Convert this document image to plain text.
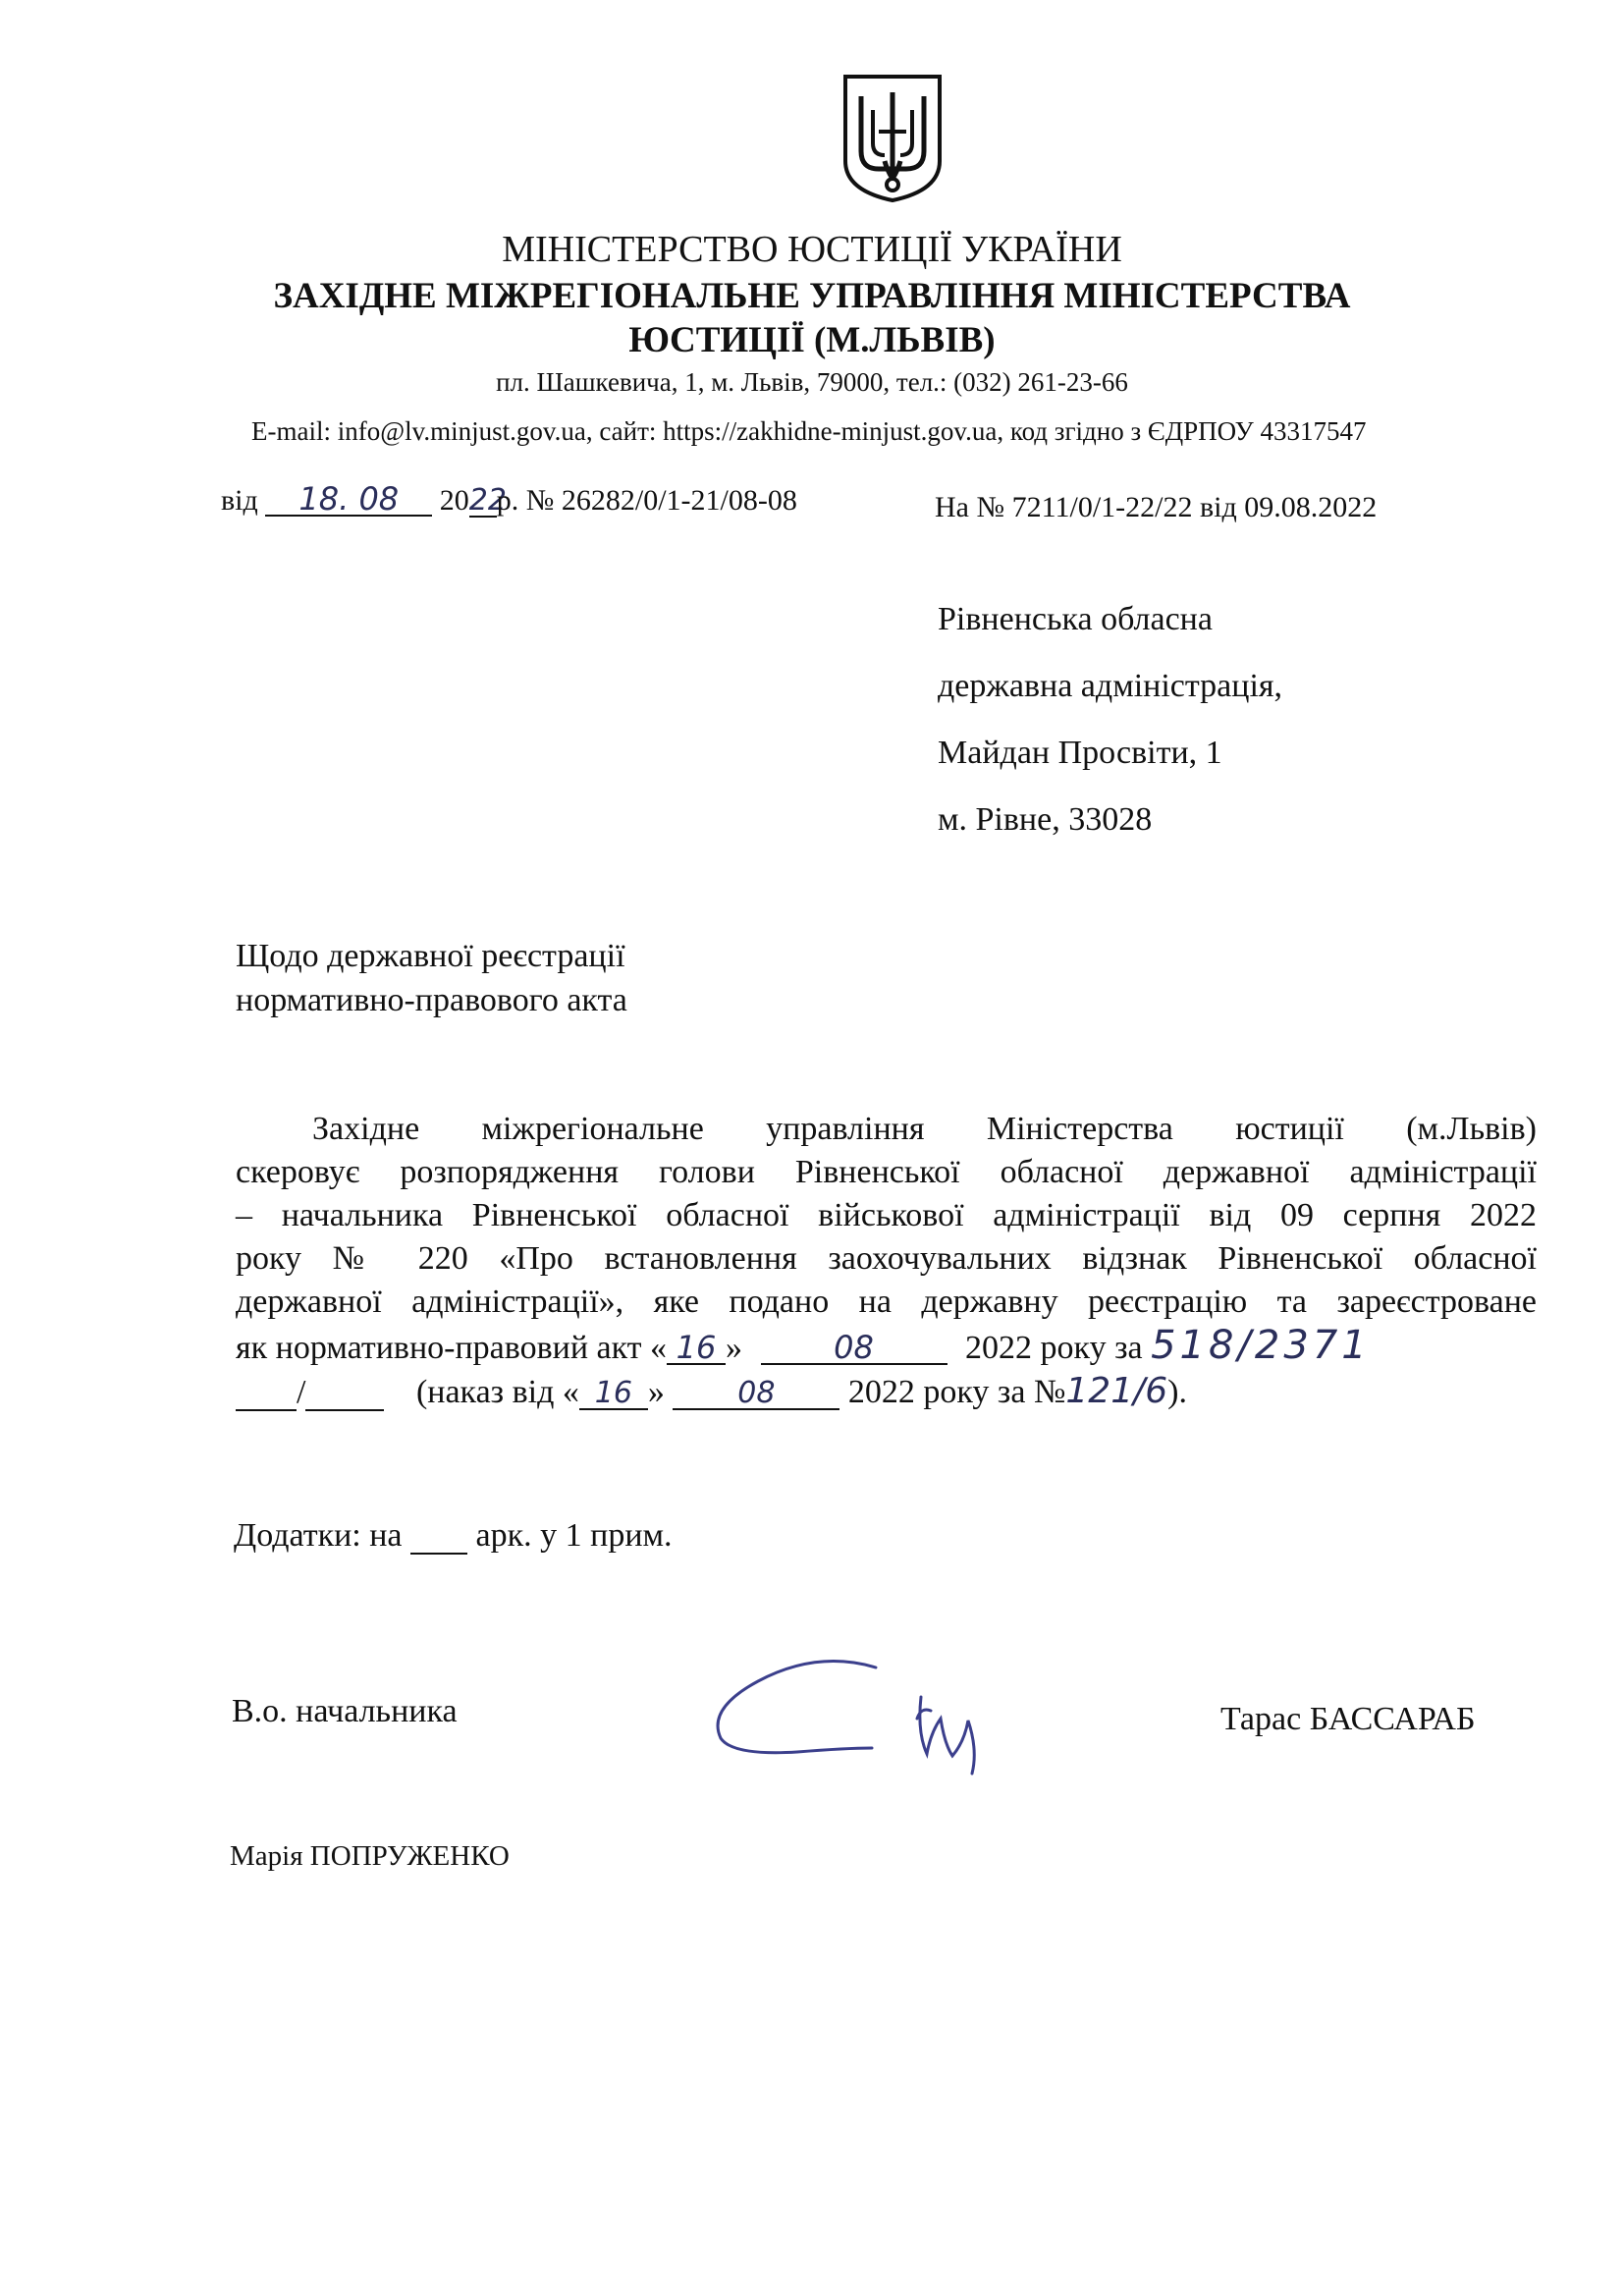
МІНІСТЕРСТВО ЮСТИЦІЇ УКРАЇНИ
ЗАХІДНЕ МІЖРЕГІОНАЛЬНЕ УПРАВЛІННЯ МІНІСТЕРСТВА
ЮСТИЦІЇ (М.ЛЬВІВ)
пл. Шашкевича, 1, м. Львів, 79000, тел.: (032) 261-23-66
E-mail: info@lv.minjust.gov.ua, сайт: https://zakhidne-minjust.gov.ua, код згідно з ЄДРПОУ 43317547
від 18. 08 2022р. № 26282/0/1-21/08-08	На № 7211/0/1-22/22 від 09.08.2022
Рівненська обласна
державна адміністрація,
Майдан Просвіти, 1
м. Рівне, 33028
Щодо державної реєстрації
нормативно-правового акта
Західне міжрегіональне управління Міністерства юстиції (м.Львів)
скеровує розпорядження голови Рівненської обласної державної адміністрації
– начальника Рівненської обласної військової адміністрації від 09 серпня 2022
року № 220 «Про встановлення заохочувальних відзнак Рівненської обласної
державної адміністрації», яке подано на державну реєстрацію та зареєстроване
як нормативно-правовий акт « 16 »	08	2022 року за 518/2371
/	(наказ від « 16 » 08 2022 року за №121/6).
Додатки: на арк. у 1 прим.
В.о. начальника	Тарас БАССАРАБ
Марія ПОПРУЖЕНКО
